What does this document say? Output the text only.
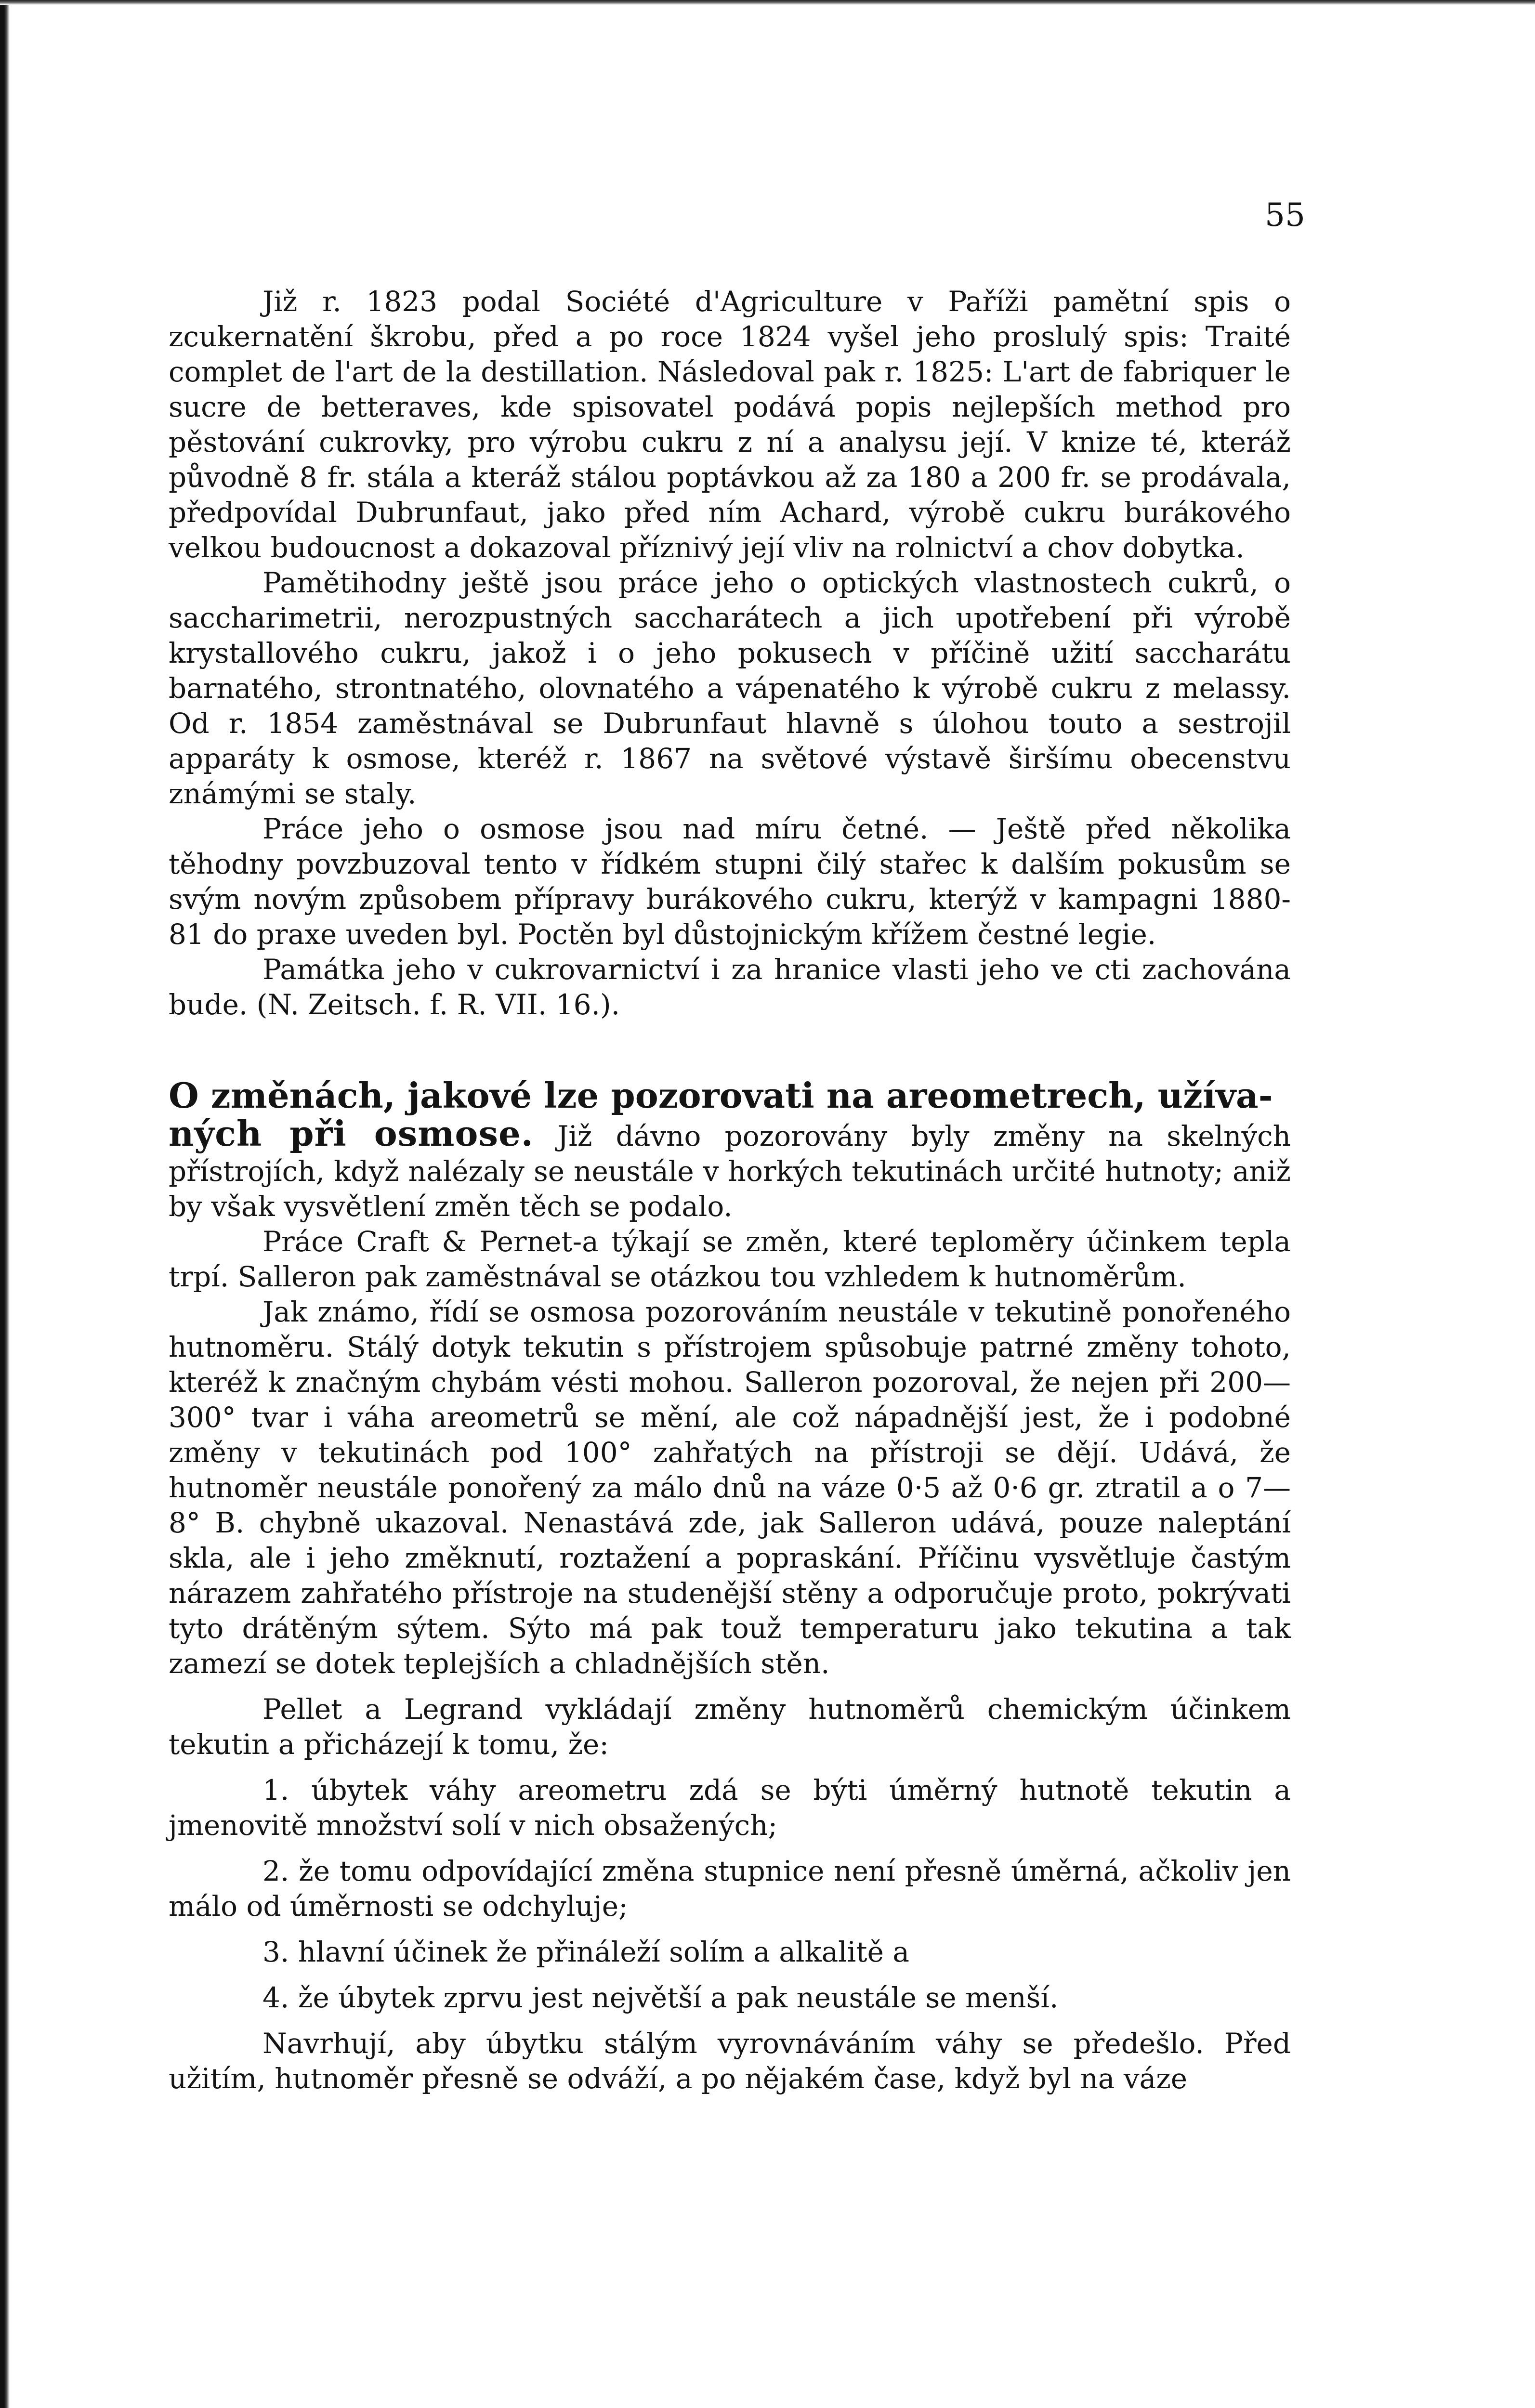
55

Již r. 1823 podal Société d'Agriculture v Paříži pamětní spis o zcukernatění škrobu, před a po roce 1824 vyšel jeho proslulý spis: Traité complet de l'art de la destillation. Následoval pak r. 1825: L'art de fabriquer le sucre de betteraves, kde spisovatel podává popis nejlepších method pro pěstování cukrovky, pro výrobu cukru z ní a analysu její. V knize té, kteráž původně 8 fr. stála a kteráž stálou poptávkou až za 180 a 200 fr. se prodávala, předpovídal Dubrunfaut, jako před ním Achard, výrobě cukru burákového velkou budoucnost a dokazoval příznivý její vliv na rolnictví a chov dobytka.

Pamětihodny ještě jsou práce jeho o optických vlastnostech cukrů, o saccharimetrii, nerozpustných saccharátech a jich upotřebení při výrobě krystallového cukru, jakož i o jeho pokusech v příčině užití saccharátu barnatého, strontnatého, olovnatého a vápenatého k výrobě cukru z melassy. Od r. 1854 zaměstnával se Dubrunfaut hlavně s úlohou touto a sestrojil apparáty k osmose, kteréž r. 1867 na světové výstavě širšímu obecenstvu známými se staly.

Práce jeho o osmose jsou nad míru četné. — Ještě před několika těhodny povzbuzoval tento v řídkém stupni čilý stařec k dalším pokusům se svým novým způsobem přípravy burákového cukru, kterýž v kampagni 1880-81 do praxe uveden byl. Poctěn byl důstojnickým křížem čestné legie.

Památka jeho v cukrovarnictví i za hranice vlasti jeho ve cti zachována bude. (N. Zeitsch. f. R. VII. 16.).

O změnách, jakové lze pozorovati na areometrech, užíva-

ných při osmose. Již dávno pozorovány byly změny na skelných přístrojích, když nalézaly se neustále v horkých tekutinách určité hutnoty; aniž by však vysvětlení změn těch se podalo.

Práce Craft & Pernet-a týkají se změn, které teploměry účinkem tepla trpí. Salleron pak zaměstnával se otázkou tou vzhledem k hutnoměrům.

Jak známo, řídí se osmosa pozorováním neustále v tekutině ponořeného hutnoměru. Stálý dotyk tekutin s přístrojem spůsobuje patrné změny tohoto, kteréž k značným chybám vésti mohou. Salleron pozoroval, že nejen při 200—300° tvar i váha areometrů se mění, ale což nápadnější jest, že i podobné změny v tekutinách pod 100° zahřatých na přístroji se dějí. Udává, že hutnoměr neustále ponořený za málo dnů na váze 0·5 až 0·6 gr. ztratil a o 7—8° B. chybně ukazoval. Nenastává zde, jak Salleron udává, pouze naleptání skla, ale i jeho změknutí, roztažení a popraskání. Příčinu vysvětluje častým nárazem zahřatého přístroje na studenější stěny a odporučuje proto, pokrývati tyto drátěným sýtem. Sýto má pak touž temperaturu jako tekutina a tak zamezí se dotek teplejších a chladnějších stěn.

Pellet a Legrand vykládají změny hutnoměrů chemickým účinkem tekutin a přicházejí k tomu, že:

1. úbytek váhy areometru zdá se býti úměrný hutnotě tekutin a jmenovitě množství solí v nich obsažených;

2. že tomu odpovídající změna stupnice není přesně úměrná, ačkoliv jen málo od úměrnosti se odchyluje;

3. hlavní účinek že přináleží solím a alkalitě a

4. že úbytek zprvu jest největší a pak neustále se menší.

Navrhují, aby úbytku stálým vyrovnáváním váhy se předešlo. Před užitím, hutnoměr přesně se odváží, a po nějakém čase, když byl na váze
